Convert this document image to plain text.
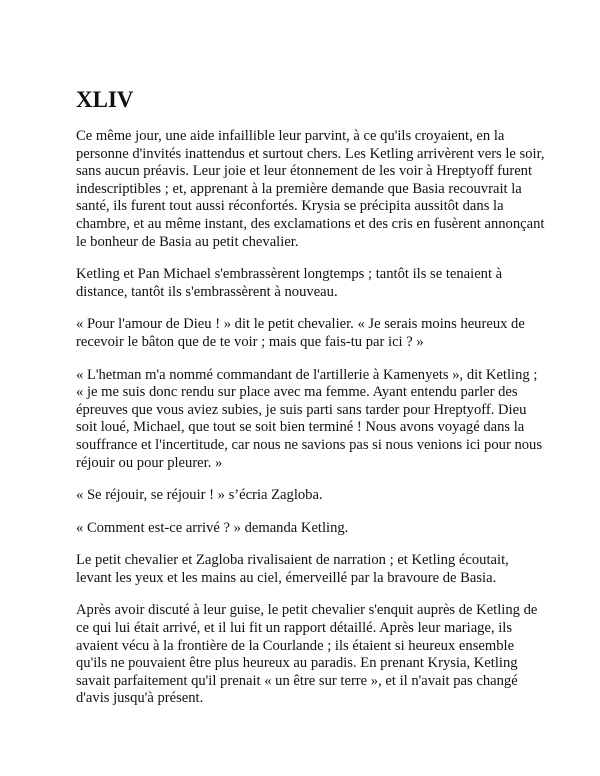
XLIV

Ce même jour, une aide infaillible leur parvint, à ce qu'ils croyaient, en la personne d'invités inattendus et surtout chers. Les Ketling arrivèrent vers le soir, sans aucun préavis. Leur joie et leur étonnement de les voir à Hreptyoff furent indescriptibles ; et, apprenant à la première demande que Basia recouvrait la santé, ils furent tout aussi réconfortés. Krysia se précipita aussitôt dans la chambre, et au même instant, des exclamations et des cris en fusèrent annonçant le bonheur de Basia au petit chevalier.

Ketling et Pan Michael s'embrassèrent longtemps ; tantôt ils se tenaient à distance, tantôt ils s'embrassèrent à nouveau.

« Pour l'amour de Dieu ! » dit le petit chevalier. « Je serais moins heureux de recevoir le bâton que de te voir ; mais que fais-tu par ici ? »

« L'hetman m'a nommé commandant de l'artillerie à Kamenyets », dit Ketling ; « je me suis donc rendu sur place avec ma femme. Ayant entendu parler des épreuves que vous aviez subies, je suis parti sans tarder pour Hreptyoff. Dieu soit loué, Michael, que tout se soit bien terminé ! Nous avons voyagé dans la souffrance et l'incertitude, car nous ne savions pas si nous venions ici pour nous réjouir ou pour pleurer. »

« Se réjouir, se réjouir ! » s’écria Zagloba.

« Comment est-ce arrivé ? » demanda Ketling.

Le petit chevalier et Zagloba rivalisaient de narration ; et Ketling écoutait, levant les yeux et les mains au ciel, émerveillé par la bravoure de Basia.

Après avoir discuté à leur guise, le petit chevalier s'enquit auprès de Ketling de ce qui lui était arrivé, et il lui fit un rapport détaillé. Après leur mariage, ils avaient vécu à la frontière de la Courlande ; ils étaient si heureux ensemble qu'ils ne pouvaient être plus heureux au paradis. En prenant Krysia, Ketling savait parfaitement qu'il prenait « un être sur terre », et il n'avait pas changé d'avis jusqu'à présent.
